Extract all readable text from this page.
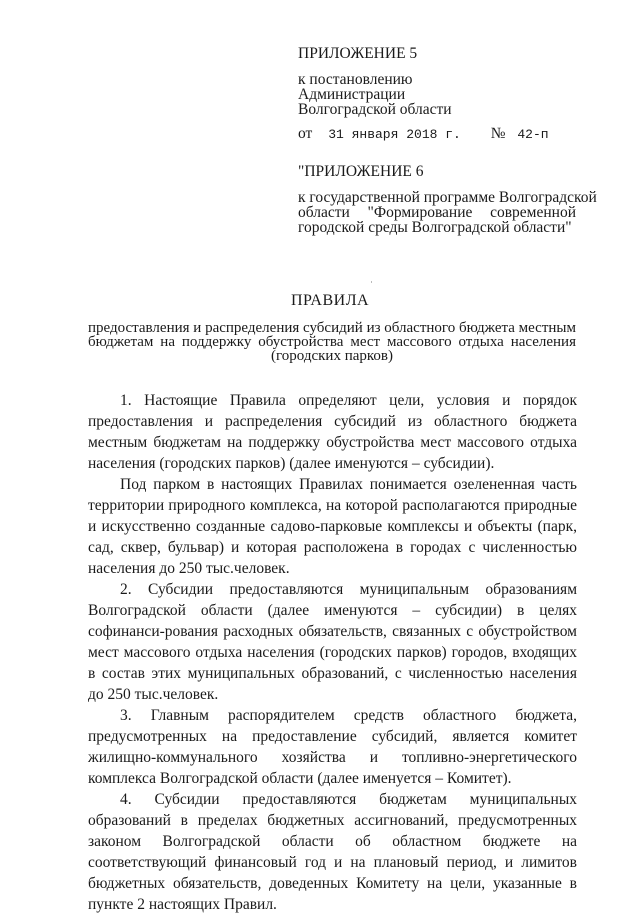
ПРИЛОЖЕНИЕ 5
к постановлению
Администрации
Волгоградской области
от 31 января 2018 г. № 42-п
"ПРИЛОЖЕНИЕ 6
к государственной программе Волгоградской
области "Формирование современной
городской среды Волгоградской области"
ПРАВИЛА
предоставления и распределения субсидий из областного бюджета местным
бюджетам на поддержку обустройства мест массового отдыха населения
(городских парков)

1. Настоящие Правила определяют цели, условия и порядок предоставления и распределения субсидий из областного бюджета местным бюджетам на поддержку обустройства мест массового отдыха населения (городских парков) (далее именуются – субсидии).

Под парком в настоящих Правилах понимается озелененная часть территории природного комплекса, на которой располагаются природные и искусственно созданные садово-парковые комплексы и объекты (парк, сад, сквер, бульвар) и которая расположена в городах с численностью населения до 250 тыс.человек.

2. Субсидии предоставляются муниципальным образованиям Волгоградской области (далее именуются – субсидии) в целях софинанси-рования расходных обязательств, связанных с обустройством мест массового отдыха населения (городских парков) городов, входящих в состав этих муниципальных образований, с численностью населения до 250 тыс.человек.

3. Главным распорядителем средств областного бюджета, предусмотренных на предоставление субсидий, является комитет жилищно-коммунального хозяйства и топливно-энергетического комплекса Волгоградской области (далее именуется – Комитет).

4. Субсидии предоставляются бюджетам муниципальных образований в пределах бюджетных ассигнований, предусмотренных законом Волгоградской области об областном бюджете на соответствующий финансовый год и на плановый период, и лимитов бюджетных обязательств, доведенных Комитету на цели, указанные в пункте 2 настоящих Правил.
